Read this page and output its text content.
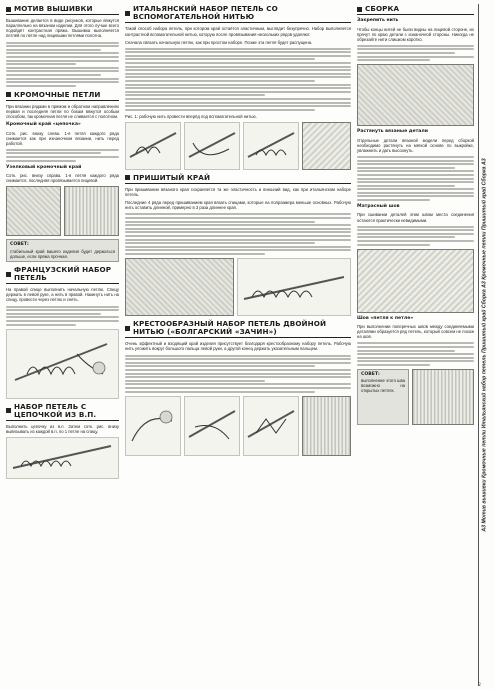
МОТИВ ВЫШИВКИ
Вышивание делается в виде рисунков, которые вяжутся параллельно на вязаном изделии. Для этого лучше всего подойдёт контрастная пряжа. Вышивка выполняется петлёй по петле над лицевыми петлями полотна.
КРОМОЧНЫЕ ПЕТЛИ
При вязании рядами в прямом и обратном направлениях первая и последняя петли по бокам вяжутся особым способом, так кромочная петля не сливается с полотном.
Кромочный край «цепочка»
Сотк. рис. внизу слева. 1-я петля каждого ряда снимается как при изнаночном вязании, нить перед работой.
Узелковый кромочный край
Сотк. рис. внизу справа. 1-я петля каждого ряда снимается, последняя провязывается лицевой.
СОВЕТ:
стабильный край вашего изделия будет держаться дольше, если пряжа прочная.
ФРАНЦУЗСКИЙ НАБОР ПЕТЕЛЬ
На правой спице выполнить начальную петлю. Спицу держать в левой руке, а нить в правой. Накинуть нить на спицу, провести через петлю и снять.
НАБОР ПЕТЕЛЬ С ЦЕПОЧКОЙ ИЗ В.П.
Выполнить цепочку из в.п. Затем сотк. рис. внизу вывязывать из каждой в.п. по 1 петле на спицу.
ИТАЛЬЯНСКИЙ НАБОР ПЕТЕЛЬ СО ВСПОМОГАТЕЛЬНОЙ НИТЬЮ
Такой способ набора петель, при котором край остаётся эластичным, выглядит безупречно. Набор выполняется контрастной вспомогательной нитью, которую после провязывания нескольких рядов удаляют.
Сначала связать начальную петлю, как при простом наборе. Позже эта петля будет распущена.
Рис. 1: рабочую нить провести вперёд под вспомогательной нитью.
ПРИШИТЫЙ КРАЙ
При пришивании вязаного края сохраняется та же эластичность и внешний вид, как при итальянском наборе петель.
Последние 4 ряда перед пришиванием края вязать спицами, которые на полразмера меньше основных. Рабочую нить оставить длинной, примерно в 3 раза длиннее края.
КРЕСТООБРАЗНЫЙ НАБОР ПЕТЕЛЬ ДВОЙНОЙ НИТЬЮ («БОЛГАРСКИЙ «ЗАЧИН»)
Очень эффектный и входящий край изделия присутствует благодаря крестообразному набору петель. Рабочую нить уложить вокруг большого пальца левой руки, а другой конец держать указательным пальцем.
СБОРКА
Закрепить нить
Чтобы концы нитей не были видны на лицевой стороне, их прячут по краю детали с изнаночной стороны. Никогда не обрезайте нити слишком коротко.
Растянуть вязаные детали
Отдельные детали вязаной модели перед сборкой необходимо растянуть на мягкой основе по выкройке, увлажнить и дать высохнуть.
Матрасный шов
При сшивании деталей этим швом места соединения остаются практически невидимыми.
Шов «петля к петле»
При выполнении поперечных швов между соединяемыми деталями образуется ряд петель, который совсем не похож на шов.
СОВЕТ:
выполнение этого шва возможно на открытых петлях.	А3 Мотив вышивки Кромочные петли Итальянский набор петель Пришитый край Сборка А3 Кромочные петли Пришитый край Сборка А3
2
